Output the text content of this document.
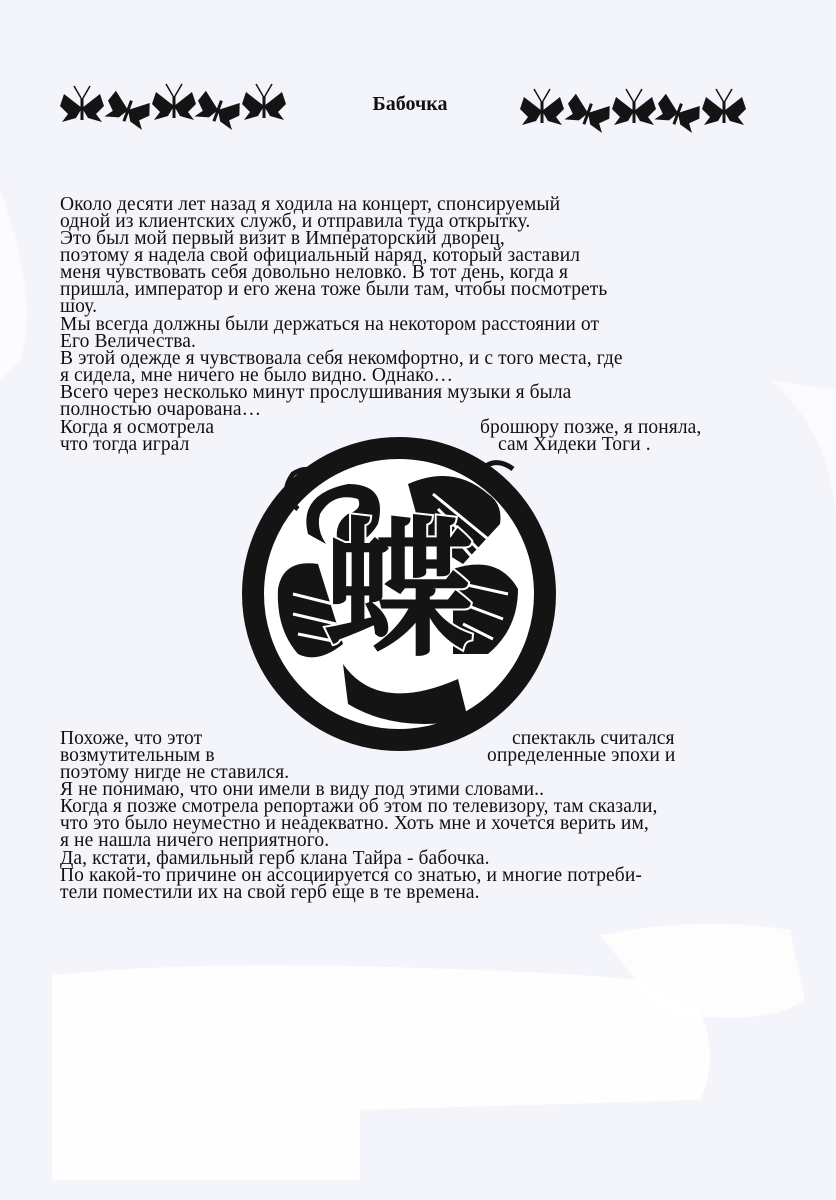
Бабочка
Около десяти лет назад я ходила на концерт, спонсируемый
одной из клиентских служб, и отправила туда открытку.
Это был мой первый визит в Императорский дворец,
поэтому я надела свой официальный наряд, который заставил
меня чувствовать себя довольно неловко. В тот день, когда я
пришла, император и его жена тоже были там, чтобы посмотреть
шоу.
Мы всегда должны были держаться на некотором расстоянии от
Его Величества.
В этой одежде я чувствовала себя некомфортно, и с того места, где
я сидела, мне ничего не было видно. Однако…
Всего через несколько минут прослушивания музыки я была
полностью очарована…
Когда я осмотрела	брошюру позже, я поняла,
что тогда играл	сам Хидеки Тоги .
蝶
Похоже, что этот	спектакль считался
возмутительным в	определенные эпохи и
поэтому нигде не ставился.
Я не понимаю, что они имели в виду под этими словами..
Когда я позже смотрела репортажи об этом по телевизору, там сказали,
что это было неуместно и неадекватно. Хоть мне и хочется верить им,
я не нашла ничего неприятного.
Да, кстати, фамильный герб клана Тайра - бабочка.
По какой-то причине он ассоциируется со знатью, и многие потреби-
тели поместили их на свой герб еще в те времена.
